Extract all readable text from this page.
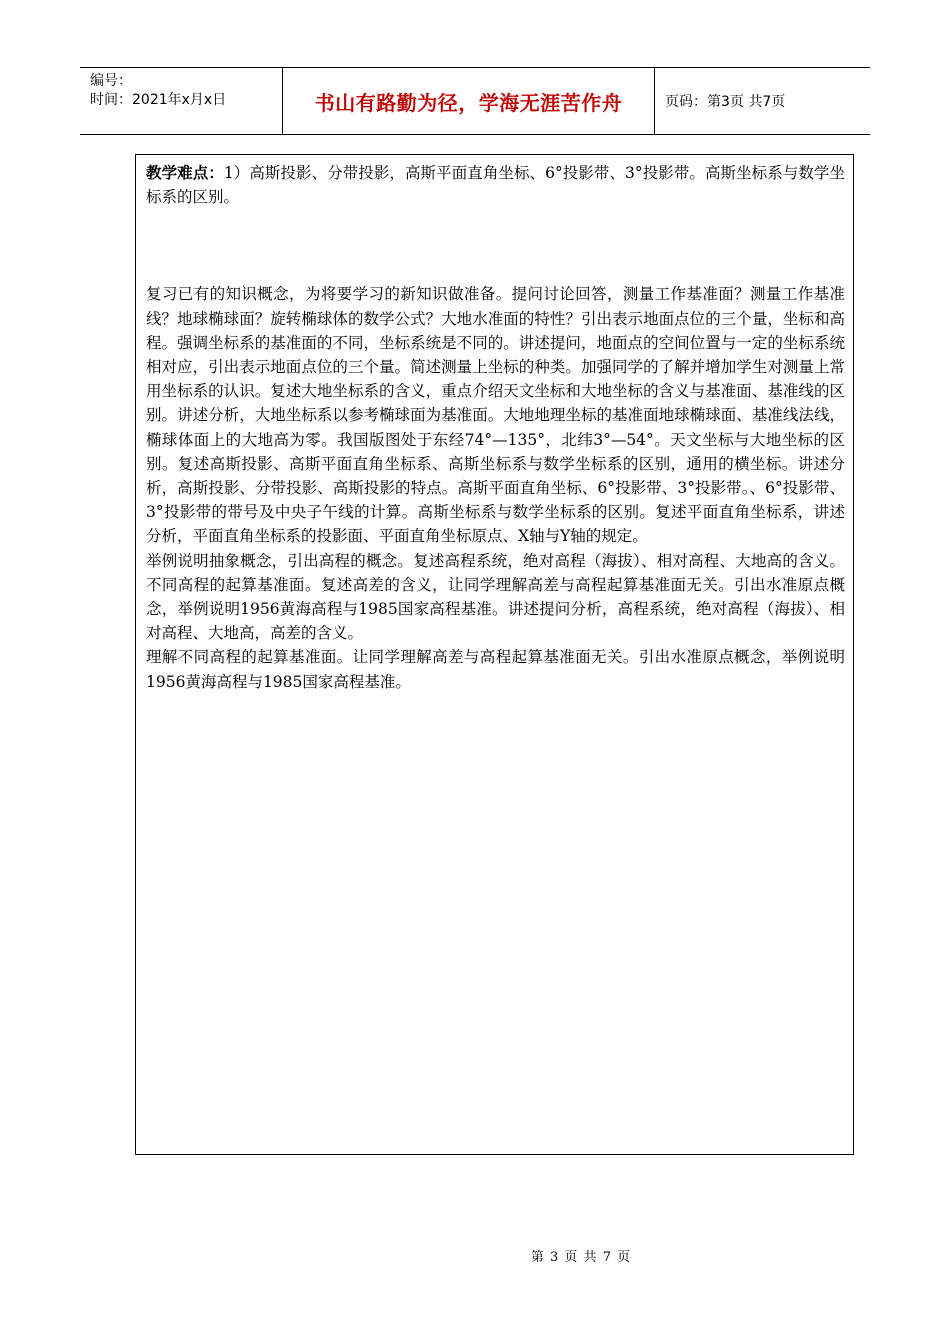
编号：
时间：2021年x月x日	书山有路勤为径，学海无涯苦作舟	页码：第3页 共7页

教学难点：1）高斯投影、分带投影，高斯平面直角坐标、6°投影带、3°投影带。高斯坐标系与数学坐标系的区别。

复习已有的知识概念，为将要学习的新知识做准备。提问讨论回答，测量工作基准面？测量工作基准线？地球椭球面？旋转椭球体的数学公式？大地水准面的特性？引出表示地面点位的三个量，坐标和高程。强调坐标系的基准面的不同，坐标系统是不同的。讲述提问，地面点的空间位置与一定的坐标系统相对应，引出表示地面点位的三个量。简述测量上坐标的种类。加强同学的了解并增加学生对测量上常用坐标系的认识。复述大地坐标系的含义，重点介绍天文坐标和大地坐标的含义与基准面、基准线的区别。讲述分析，大地坐标系以参考椭球面为基准面。大地地理坐标的基准面地球椭球面、基准线法线，椭球体面上的大地高为零。我国版图处于东经74°—135°，北纬3°—54°。天文坐标与大地坐标的区别。复述高斯投影、高斯平面直角坐标系、高斯坐标系与数学坐标系的区别，通用的横坐标。讲述分析，高斯投影、分带投影、高斯投影的特点。高斯平面直角坐标、6°投影带、3°投影带。、6°投影带、3°投影带的带号及中央子午线的计算。高斯坐标系与数学坐标系的区别。复述平面直角坐标系，讲述分析，平面直角坐标系的投影面、平面直角坐标原点、X轴与Y轴的规定。

举例说明抽象概念，引出高程的概念。复述高程系统，绝对高程（海拔）、相对高程、大地高的含义。不同高程的起算基准面。复述高差的含义，让同学理解高差与高程起算基准面无关。引出水准原点概念，举例说明1956黄海高程与1985国家高程基准。讲述提问分析，高程系统，绝对高程（海拔）、相对高程、大地高，高差的含义。

理解不同高程的起算基准面。让同学理解高差与高程起算基准面无关。引出水准原点概念，举例说明1956黄海高程与1985国家高程基准。

第 3 页 共 7 页
